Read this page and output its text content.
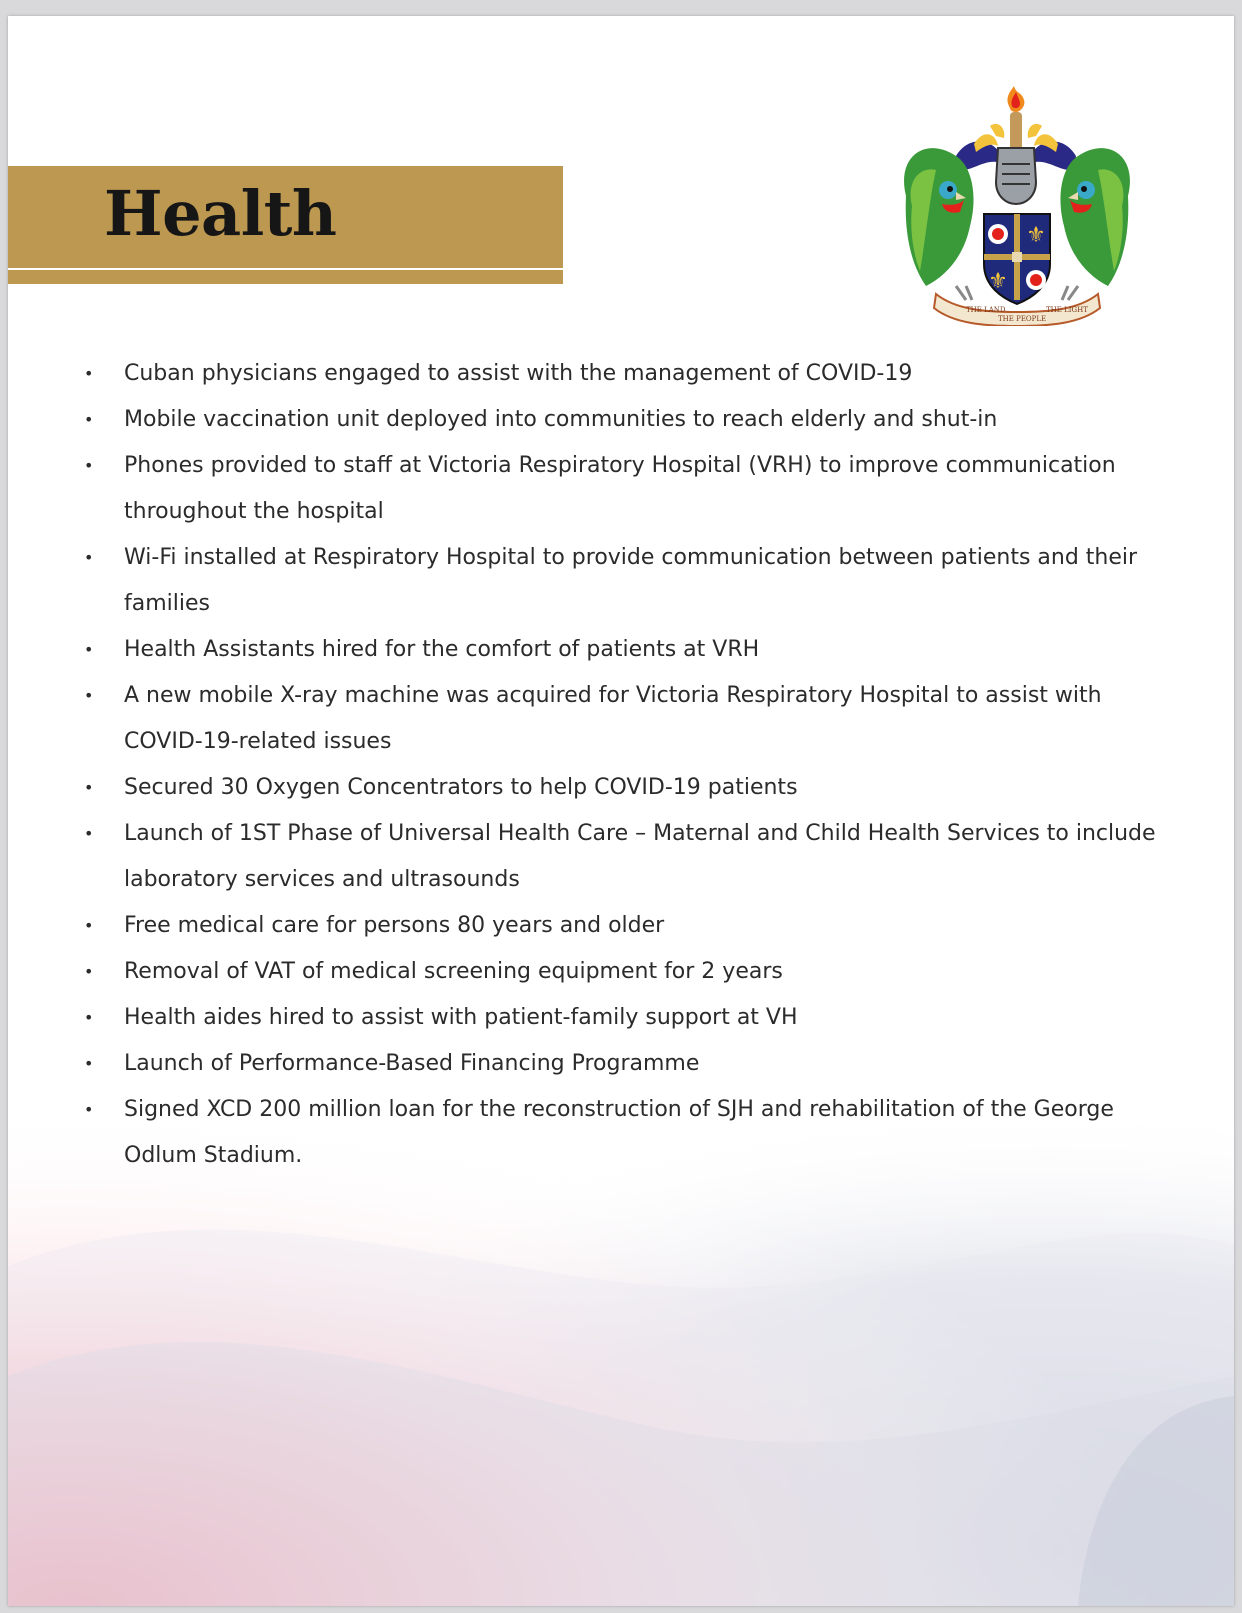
Health	⚜
⚜
THE LAND
THE PEOPLE
THE LIGHT
• Cuban physicians engaged to assist with the management of COVID-19
• Mobile vaccination unit deployed into communities to reach elderly and shut-in
• Phones provided to staff at Victoria Respiratory Hospital (VRH) to improve communication throughout the hospital
• Wi-Fi installed at Respiratory Hospital to provide communication between patients and their families
• Health Assistants hired for the comfort of patients at VRH
• A new mobile X-ray machine was acquired for Victoria Respiratory Hospital to assist with COVID-19-related issues
• Secured 30 Oxygen Concentrators to help COVID-19 patients
• Launch of 1ST Phase of Universal Health Care – Maternal and Child Health Services to include laboratory services and ultrasounds
• Free medical care for persons 80 years and older
• Removal of VAT of medical screening equipment for 2 years
• Health aides hired to assist with patient-family support at VH
• Launch of Performance-Based Financing Programme
• Signed XCD 200 million loan for the reconstruction of SJH and rehabilitation of the George Odlum Stadium.
